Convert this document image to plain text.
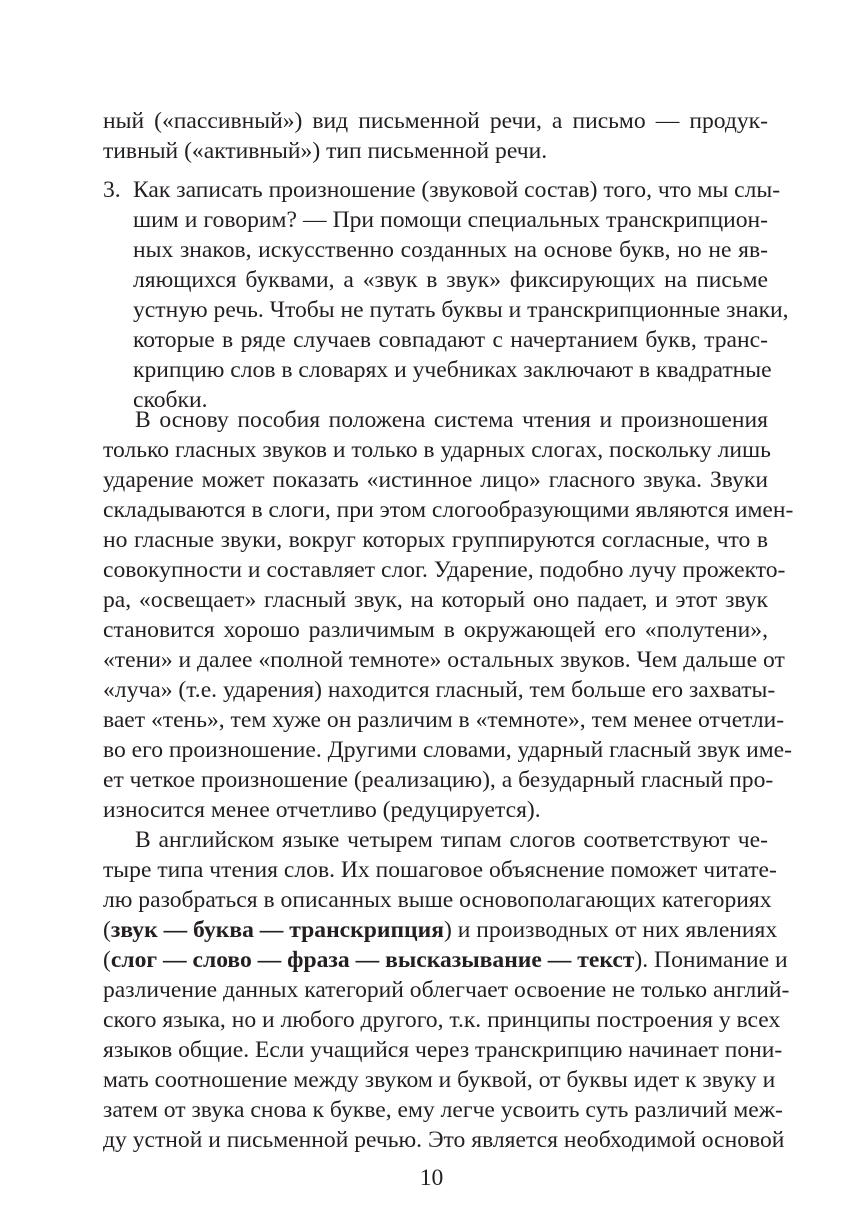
ный («пассивный») вид письменной речи, а письмо — продук-
тивный («активный») тип письменной речи.
3. Как записать произношение (звуковой состав) того, что мы слы-
шим и говорим? — При помощи специальных транскрипцион-
ных знаков, искусственно созданных на основе букв, но не яв-
ляющихся буквами, а «звук в звук» фиксирующих на письме
устную речь. Чтобы не путать буквы и транскрипционные знаки,
которые в ряде случаев совпадают с начертанием букв, транс-
крипцию слов в словарях и учебниках заключают в квадратные
скобки.
В основу пособия положена система чтения и произношения
только гласных звуков и только в ударных слогах, поскольку лишь
ударение может показать «истинное лицо» гласного звука. Звуки
складываются в слоги, при этом слогообразующими являются имен-
но гласные звуки, вокруг которых группируются согласные, что в
совокупности и составляет слог. Ударение, подобно лучу прожекто-
ра, «освещает» гласный звук, на который оно падает, и этот звук
становится хорошо различимым в окружающей его «полутени»,
«тени» и далее «полной темноте» остальных звуков. Чем дальше от
«луча» (т.е. ударения) находится гласный, тем больше его захваты-
вает «тень», тем хуже он различим в «темноте», тем менее отчетли-
во его произношение. Другими словами, ударный гласный звук име-
ет четкое произношение (реализацию), а безударный гласный про-
износится менее отчетливо (редуцируется).
В английском языке четырем типам слогов соответствуют че-
тыре типа чтения слов. Их пошаговое объяснение поможет читате-
лю разобраться в описанных выше основополагающих категориях
(звук — буква — транскрипция) и производных от них явлениях
(слог — слово — фраза — высказывание — текст). Понимание и
различение данных категорий облегчает освоение не только англий-
ского языка, но и любого другого, т.к. принципы построения у всех
языков общие. Если учащийся через транскрипцию начинает пони-
мать соотношение между звуком и буквой, от буквы идет к звуку и
затем от звука снова к букве, ему легче усвоить суть различий меж-
ду устной и письменной речью. Это является необходимой основой
10
